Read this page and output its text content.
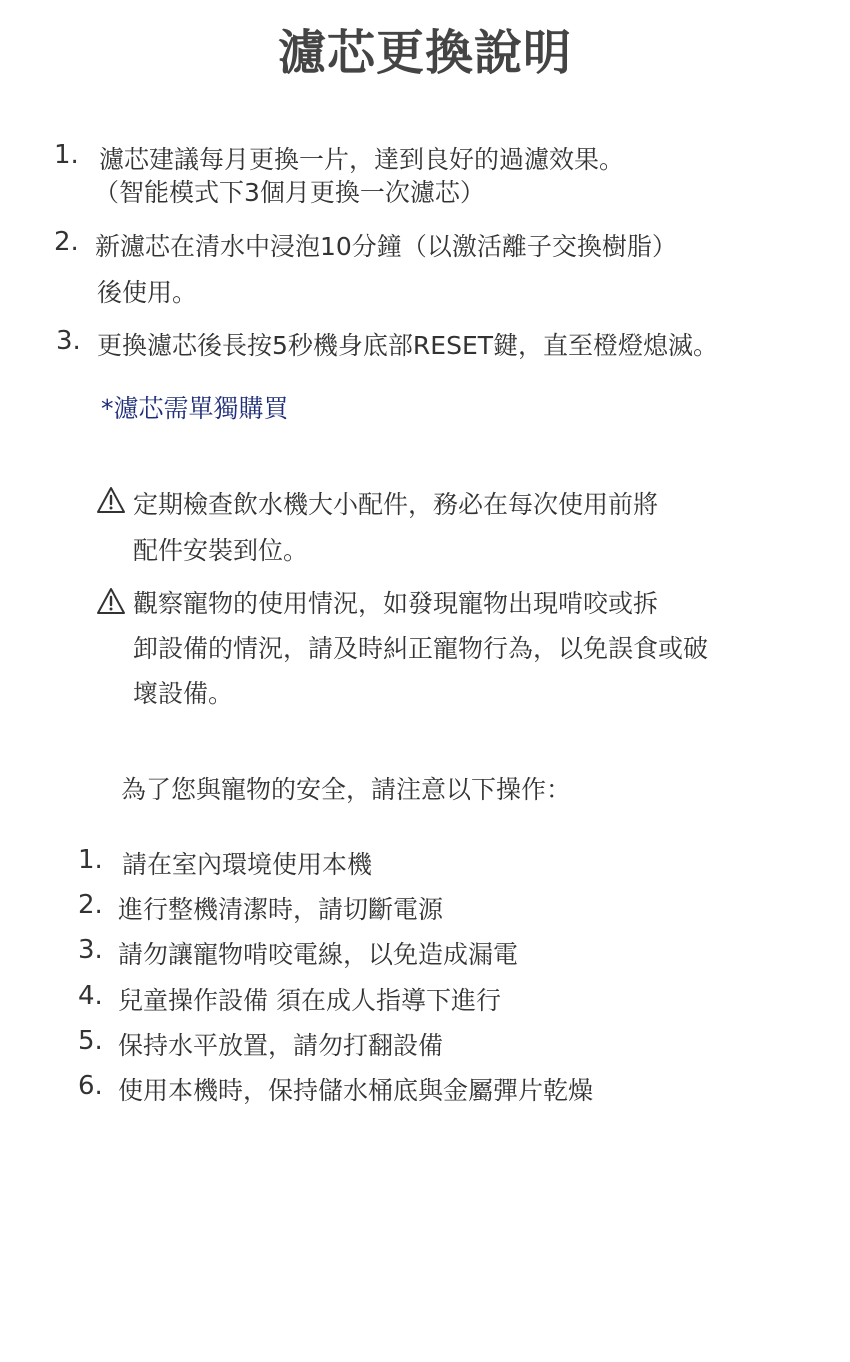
濾芯更換說明
1. 濾芯建議每月更換一片，達到良好的過濾效果。
（智能模式下3個月更換一次濾芯）
2. 新濾芯在清水中浸泡10分鐘（以激活離子交換樹脂）
後使用。
3. 更換濾芯後長按5秒機身底部RESET鍵，直至橙燈熄滅。
*濾芯需單獨購買
定期檢查飲水機大小配件，務必在每次使用前將
配件安裝到位。
觀察寵物的使用情況，如發現寵物出現啃咬或拆
卸設備的情況，請及時糾正寵物行為，以免誤食或破
壞設備。
為了您與寵物的安全，請注意以下操作：
1. 請在室內環境使用本機
2. 進行整機清潔時，請切斷電源
3. 請勿讓寵物啃咬電線，以免造成漏電
4. 兒童操作設備 須在成人指導下進行
5. 保持水平放置，請勿打翻設備
6. 使用本機時，保持儲水桶底與金屬彈片乾燥
